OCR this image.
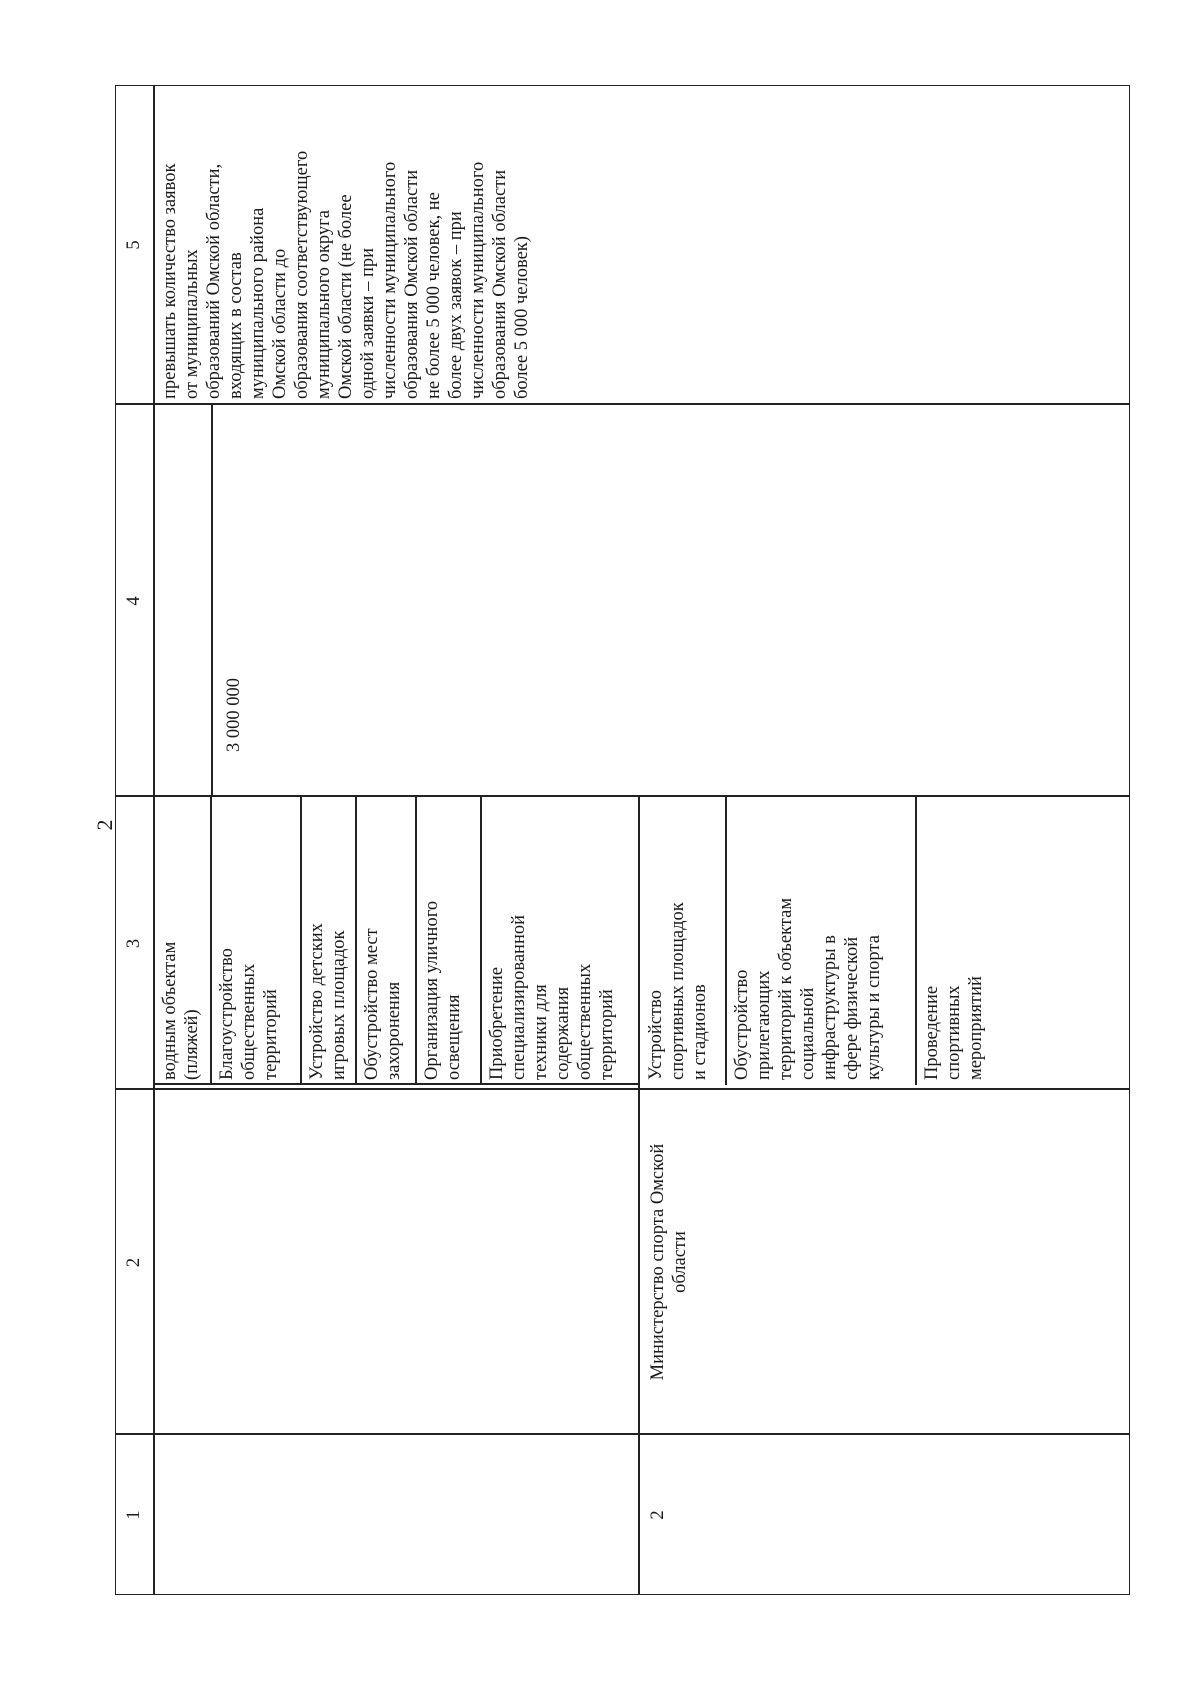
2
1
2
3
4
5
водным объектам
(пляжей) Благоустройство
общественных
территорий Устройство детских
игровых площадок Обустройство мест
захоронения Организация уличного
освещения Приобретение
специализированной
техники для
содержания
общественных
территорий
3 000 000
2
Министерство спорта Омской
области
Устройство
спортивных площадок
и стадионов Обустройство
прилегающих
территорий к объектам
социальной
инфраструктуры в
сфере физической
культуры и спорта
Проведение
спортивных
мероприятий
превышать количество заявок
от муниципальных
образований Омской области,
входящих в состав
муниципального района
Омской области до
образования соответствующего
муниципального округа
Омской области (не более
одной заявки – при
численности муниципального
образования Омской области
не более 5 000 человек, не
более двух заявок – при
численности муниципального
образования Омской области
более 5 000 человек)
